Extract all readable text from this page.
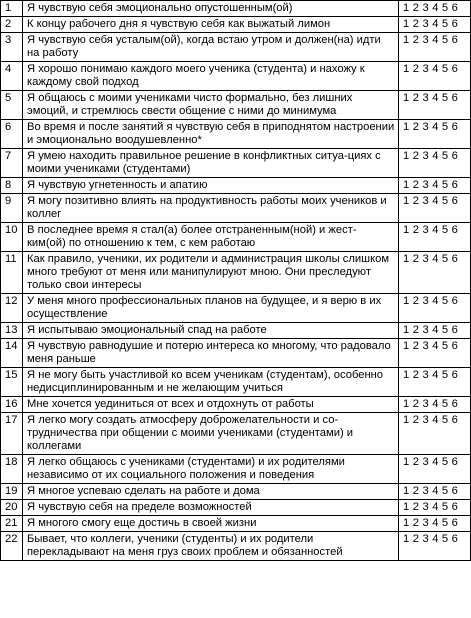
1	Я чувствую себя эмоционально опустошенным(ой)	1 2 3 4 5 6
2	К концу рабочего дня я чувствую себя как выжатый лимон	1 2 3 4 5 6
3	Я чувствую себя усталым(ой), когда встаю утром и должен(на) идти на работу	1 2 3 4 5 6
4	Я хорошо понимаю каждого моего ученика (студента) и нахожу к каждому свой подход	1 2 3 4 5 6
5	Я общаюсь с моими учениками чисто формально, без лишних эмоций, и стремлюсь свести общение с ними до минимума	1 2 3 4 5 6
6	Во время и после занятий я чувствую себя в приподнятом настроении и эмоционально воодушевленно*	1 2 3 4 5 6
7	Я умею находить правильное решение в конфликтных ситуа-циях с моими учениками (студентами)	1 2 3 4 5 6
8	Я чувствую угнетенность и апатию	1 2 3 4 5 6
9	Я могу позитивно влиять на продуктивность работы моих учеников и коллег	1 2 3 4 5 6
10	В последнее время я стал(а) более отстраненным(ной) и жест-ким(ой) по отношению к тем, с кем работаю	1 2 3 4 5 6
11	Как правило, ученики, их родители и администрация школы слишком много требуют от меня или манипулируют мною. Они преследуют только свои интересы	1 2 3 4 5 6
12	У меня много профессиональных планов на будущее, и я верю в их осуществление	1 2 3 4 5 6
13	Я испытываю эмоциональный спад на работе	1 2 3 4 5 6
14	Я чувствую равнодушие и потерю интереса ко многому, что радовало меня раньше	1 2 3 4 5 6
15	Я не могу быть участливой ко всем ученикам (студентам), особенно недисциплинированным и не желающим учиться	1 2 3 4 5 6
16	Мне хочется уединиться от всех и отдохнуть от работы	1 2 3 4 5 6
17	Я легко могу создать атмосферу доброжелательности и со-трудничества при общении с моими учениками (студентами) и коллегами	1 2 3 4 5 6
18	Я легко общаюсь с учениками (студентами) и их родителями независимо от их социального положения и поведения	1 2 3 4 5 6
19	Я многое успеваю сделать на работе и дома	1 2 3 4 5 6
20	Я чувствую себя на пределе возможностей	1 2 3 4 5 6
21	Я многого смогу еще достичь в своей жизни	1 2 3 4 5 6
22	Бывает, что коллеги, ученики (студенты) и их родители перекладывают на меня груз своих проблем и обязанностей	1 2 3 4 5 6
